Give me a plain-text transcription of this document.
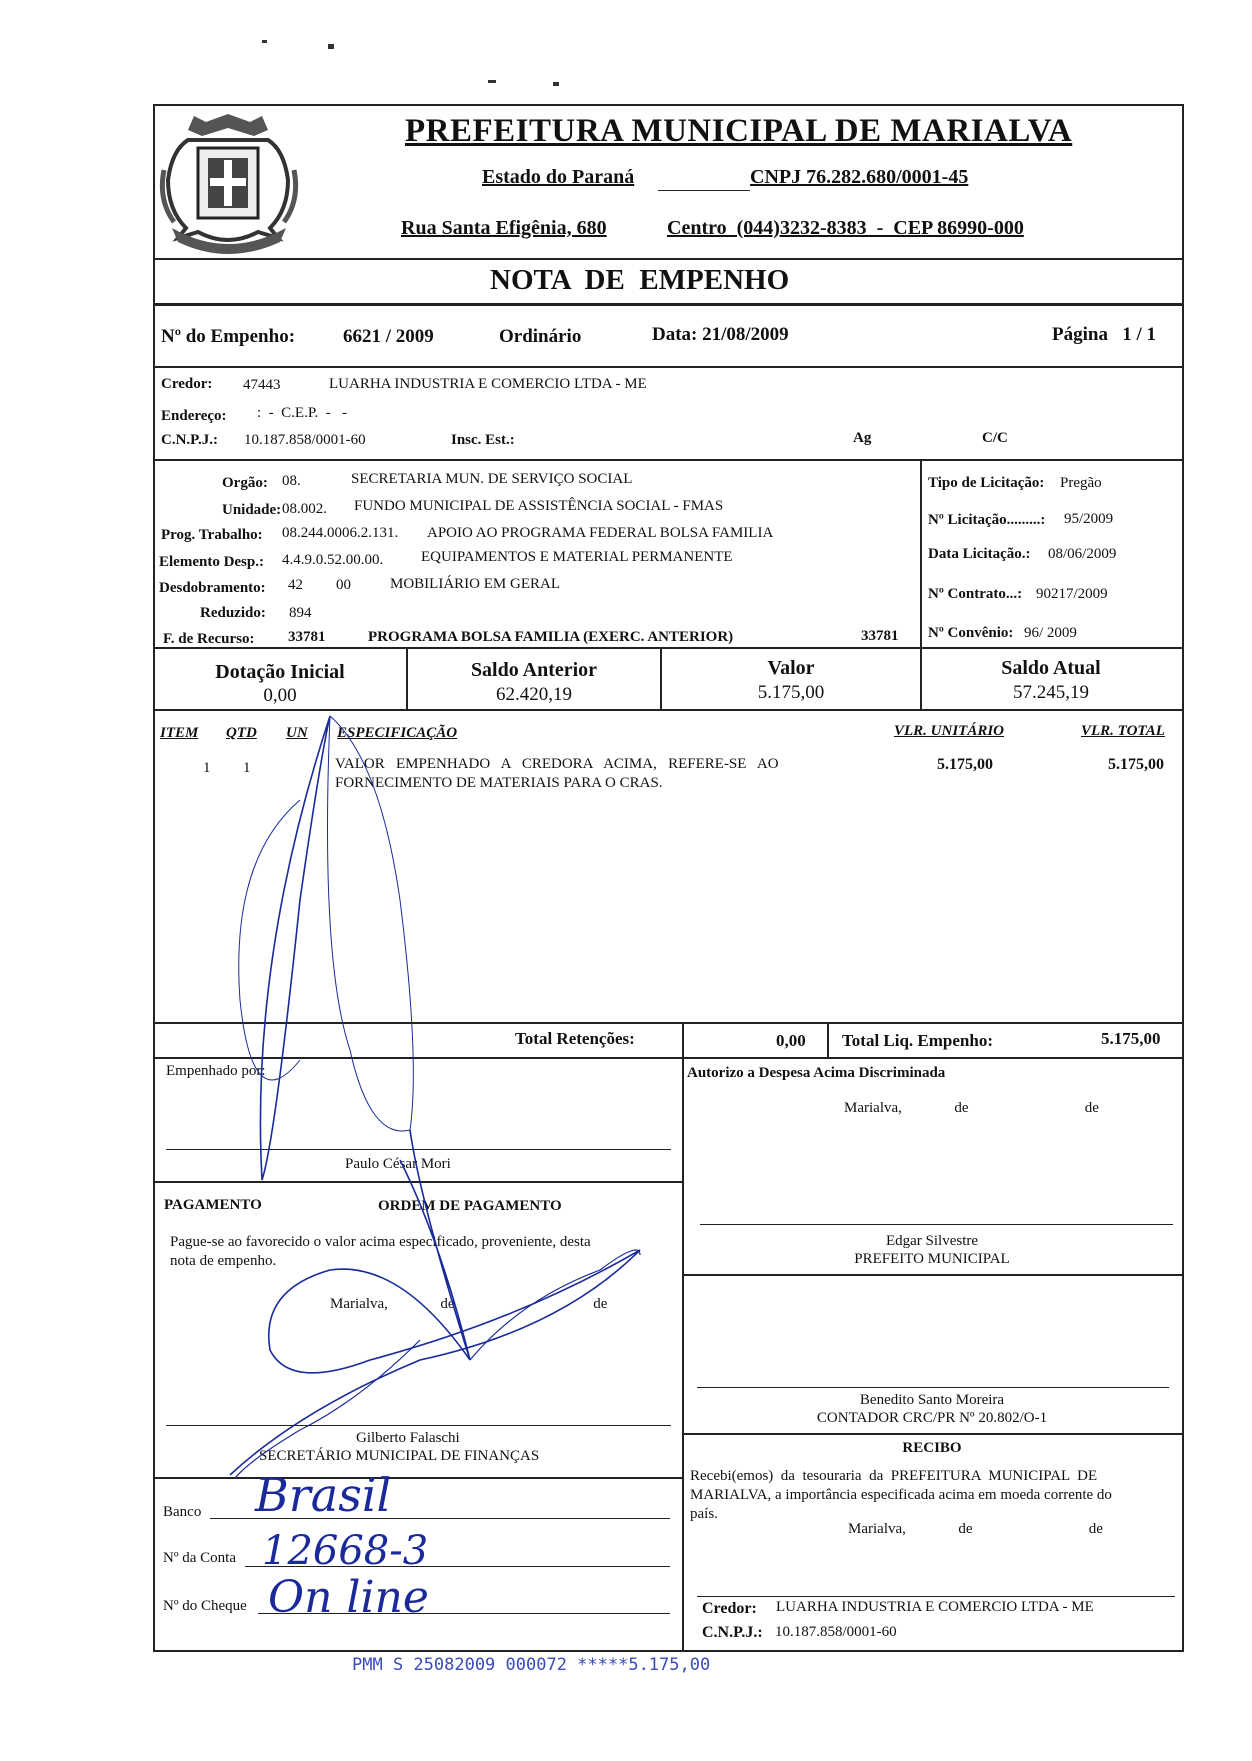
PREFEITURA MUNICIPAL DE MARIALVA
Estado do Paraná	CNPJ 76.282.680/0001-45
Rua Santa Efigênia, 680	Centro  (044)3232-8383  -  CEP 86990-000
NOTA  DE  EMPENHO
Nº do Empenho:	6621 / 2009	Ordinário	Data: 21/08/2009	Página   1 / 1
Credor: 47443	LUARHA INDUSTRIA E COMERCIO LTDA - ME
Endereço: :  -  C.E.P.  -   -
C.N.P.J.: 10.187.858/0001-60	Insc. Est.:	Ag	C/C
Orgão: 08.	SECRETARIA MUN. DE SERVIÇO SOCIAL
Unidade: 08.002. FUNDO MUNICIPAL DE ASSISTÊNCIA SOCIAL - FMAS
Prog. Trabalho: 08.244.0006.2.131. APOIO AO PROGRAMA FEDERAL BOLSA FAMILIA
Elemento Desp.: 4.4.9.0.52.00.00.	EQUIPAMENTOS E MATERIAL PERMANENTE
Desdobramento: 42 00	MOBILIÁRIO EM GERAL
Reduzido: 894
F. de Recurso: 33781	PROGRAMA BOLSA FAMILIA (EXERC. ANTERIOR)	33781
Tipo de Licitação: Pregão
Nº Licitação.........: 95/2009
Data Licitação.: 08/06/2009
Nº Contrato...: 90217/2009
Nº Convênio: 96/ 2009
Dotação Inicial
0,00
Saldo Anterior
62.420,19
Valor
5.175,00
Saldo Atual
57.245,19
ITEM QTD UN ESPECIFICAÇÃO	VLR. UNITÁRIO	VLR. TOTAL
1 1	VALOR   EMPENHADO   A   CREDORA   ACIMA,   REFERE-SE   AO
FORNECIMENTO DE MATERIAIS PARA O CRAS.
5.175,00	5.175,00
Total Retenções:	0,00 Total Liq. Empenho:	5.175,00
Empenhado por:
Paulo César Mori
PAGAMENTO	ORDEM DE PAGAMENTO
Pague-se ao favorecido o valor acima especificado, proveniente, desta
nota de empenho.
Marialva,              de                                     de
Gilberto Falaschi
SECRETÁRIO MUNICIPAL DE FINANÇAS
Banco Brasil
Nº da Conta 12668-3
Nº do Cheque On line
Autorizo a Despesa Acima Discriminada
Marialva,              de                               de
Edgar Silvestre
PREFEITO MUNICIPAL
Benedito Santo Moreira
CONTADOR CRC/PR Nº 20.802/O-1
RECIBO
Recebi(emos)  da  tesouraria  da  PREFEITURA  MUNICIPAL  DE
MARIALVA, a importância especificada acima em moeda corrente do
país.
Marialva,              de                               de
Credor: LUARHA INDUSTRIA E COMERCIO LTDA - ME
C.N.P.J.: 10.187.858/0001-60
PMM S 25082009 000072 *****5.175,00
